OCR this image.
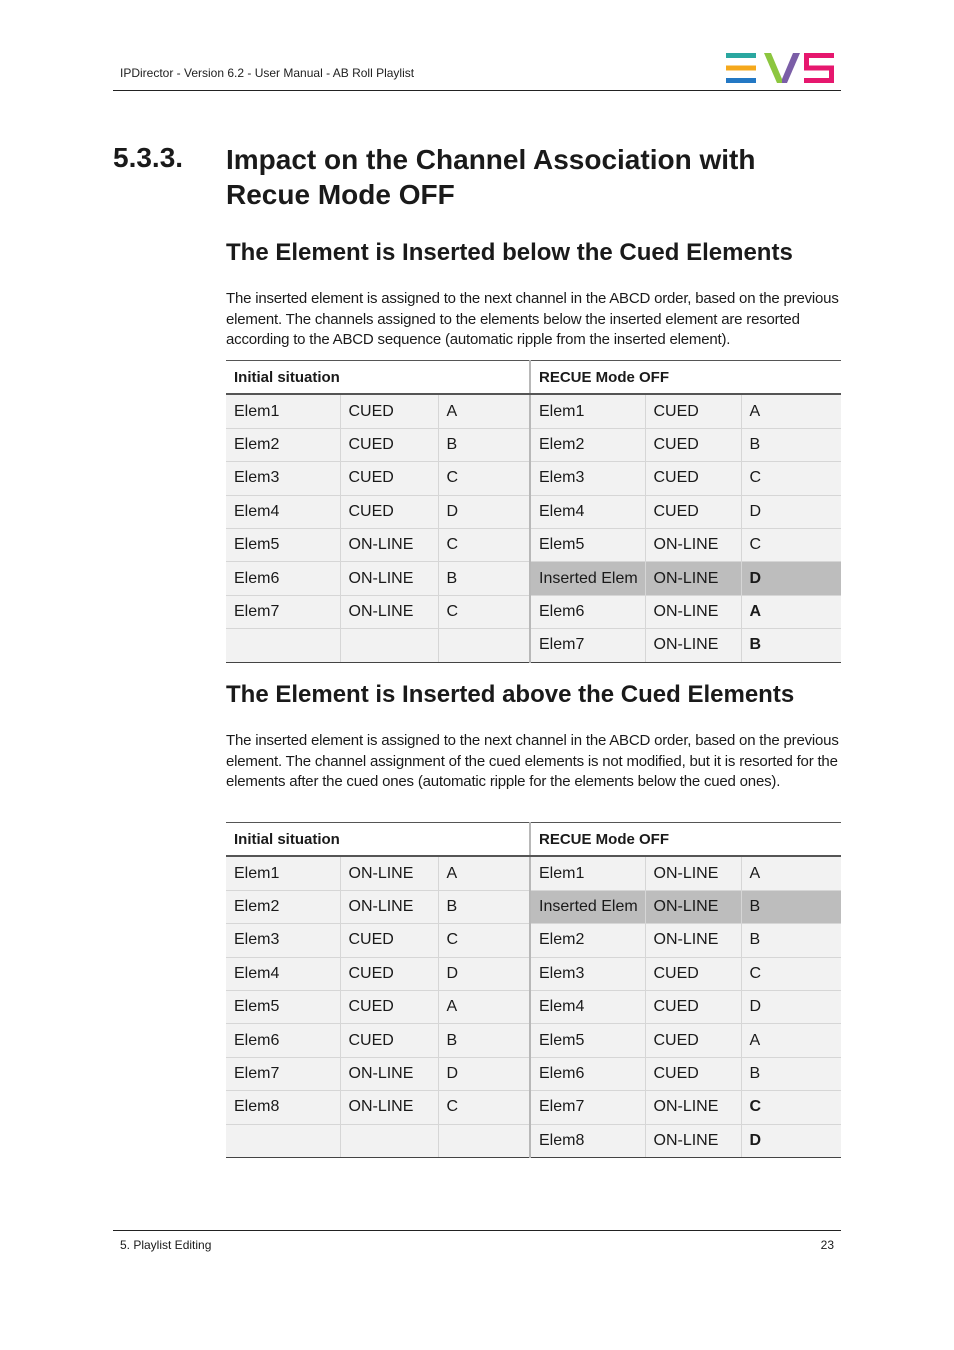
IPDirector - Version 6.2 - User Manual - AB Roll Playlist
5.3.3. Impact on the Channel Association with Recue Mode OFF
The Element is Inserted below the Cued Elements
The inserted element is assigned to the next channel in the ABCD order, based on the previous element. The channels assigned to the elements below the inserted element are resorted according to the ABCD sequence (automatic ripple from the inserted element).
Initial situation			RECUE Mode OFF		
Elem1	CUED	A	Elem1	CUED	A
Elem2	CUED	B	Elem2	CUED	B
Elem3	CUED	C	Elem3	CUED	C
Elem4	CUED	D	Elem4	CUED	D
Elem5	ON-LINE	C	Elem5	ON-LINE	C
Elem6	ON-LINE	B	Inserted Elem	ON-LINE	D
Elem7	ON-LINE	C	Elem6	ON-LINE	A
			Elem7	ON-LINE	B
The Element is Inserted above the Cued Elements
The inserted element is assigned to the next channel in the ABCD order, based on the previous element. The channel assignment of the cued elements is not modified, but it is resorted for the elements after the cued ones (automatic ripple for the elements below the cued ones).
Initial situation			RECUE Mode OFF		
Elem1	ON-LINE	A	Elem1	ON-LINE	A
Elem2	ON-LINE	B	Inserted Elem	ON-LINE	B
Elem3	CUED	C	Elem2	ON-LINE	B
Elem4	CUED	D	Elem3	CUED	C
Elem5	CUED	A	Elem4	CUED	D
Elem6	CUED	B	Elem5	CUED	A
Elem7	ON-LINE	D	Elem6	CUED	B
Elem8	ON-LINE	C	Elem7	ON-LINE	C
			Elem8	ON-LINE	D
5. Playlist Editing	23
